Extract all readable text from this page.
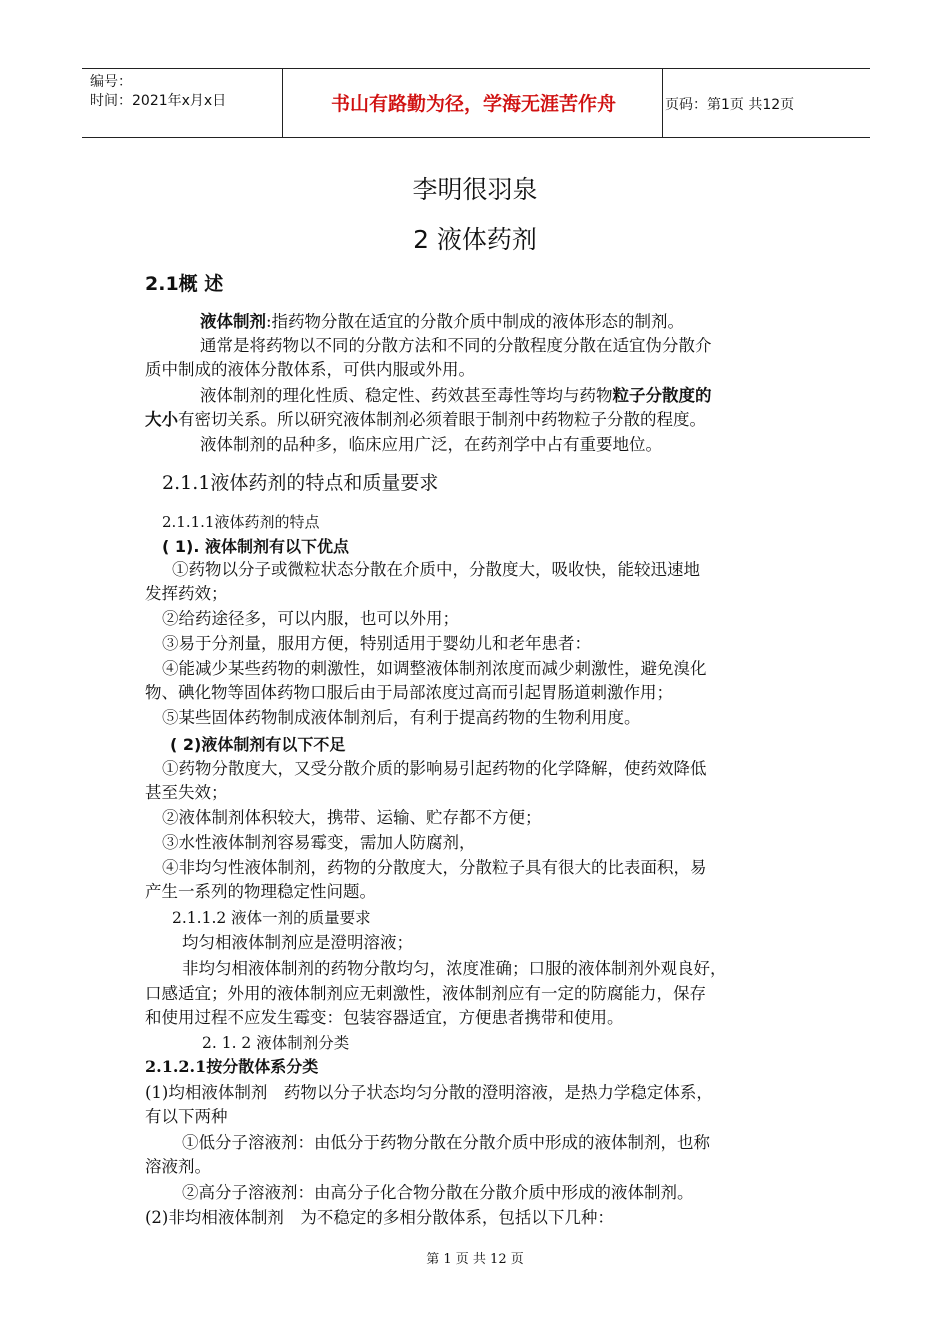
编号：
时间：2021年x月x日	书山有路勤为径，学海无涯苦作舟	页码：第1页 共12页
李明很羽泉
2 液体药剂
2.1概 述
液体制剂:指药物分散在适宜的分散介质中制成的液体形态的制剂。
通常是将药物以不同的分散方法和不同的分散程度分散在适宜伪分散介
质中制成的液体分散体系，可供内服或外用。
液体制剂的理化性质、稳定性、药效甚至毒性等均与药物粒子分散度的
大小有密切关系。所以研究液体制剂必须着眼于制剂中药物粒子分散的程度。
液体制剂的品种多，临床应用广泛，在药剂学中占有重要地位。
2.1.1液体药剂的特点和质量要求
2.1.1.1液体药剂的特点
( 1). 液体制剂有以下优点
①药物以分子或微粒状态分散在介质中，分散度大，吸收快，能较迅速地
发挥药效；
②给药途径多，可以内服，也可以外用；
③易于分剂量，服用方便，特别适用于婴幼儿和老年患者：
④能减少某些药物的刺激性，如调整液体制剂浓度而减少刺激性，避免溴化
物、碘化物等固体药物口服后由于局部浓度过高而引起胃肠道刺激作用；
⑤某些固体药物制成液体制剂后，有利于提高药物的生物利用度。
( 2)液体制剂有以下不足
①药物分散度大，又受分散介质的影响易引起药物的化学降解，使药效降低
甚至失效；
②液体制剂体积较大，携带、运输、贮存都不方便；
③水性液体制剂容易霉变，需加人防腐剂，
④非均匀性液体制剂，药物的分散度大，分散粒子具有很大的比表面积，易
产生一系列的物理稳定性问题。
2.1.1.2 液体一剂的质量要求
均匀相液体制剂应是澄明溶液；
非均匀相液体制剂的药物分散均匀，浓度准确；口服的液体制剂外观良好，
口感适宜；外用的液体制剂应无刺激性，液体制剂应有一定的防腐能力，保存
和使用过程不应发生霉变：包装容器适宜，方便患者携带和使用。
2. 1. 2 液体制剂分类
2.1.2.1按分散体系分类
(1)均相液体制剂　药物以分子状态均匀分散的澄明溶液，是热力学稳定体系，
有以下两种
①低分子溶液剂：由低分于药物分散在分散介质中形成的液体制剂，也称
溶液剂。
②高分子溶液剂：由高分子化合物分散在分散介质中形成的液体制剂。
(2)非均相液体制剂　为不稳定的多相分散体系，包括以下几种：
第 1 页 共 12 页
